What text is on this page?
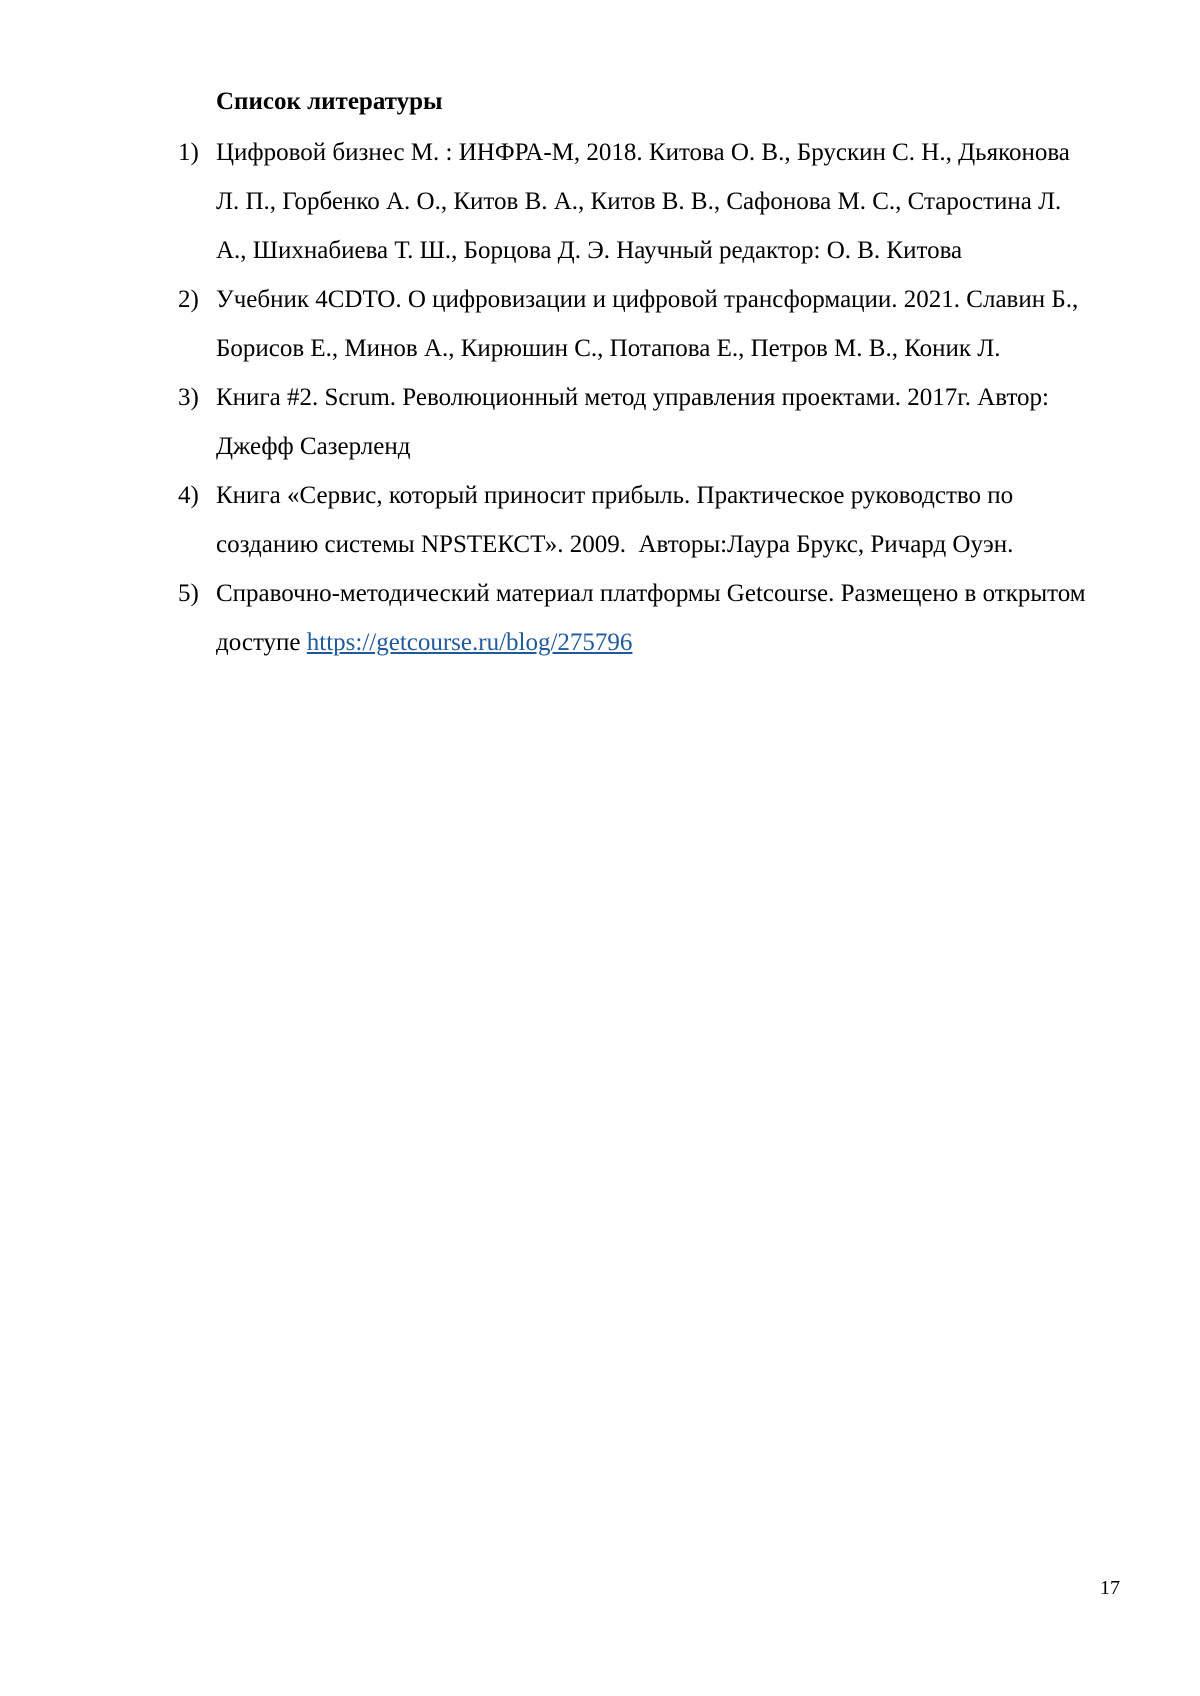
Список литературы
1) Цифровой бизнес М. : ИНФРА-М, 2018. Китова О. В., Брускин С. Н., Дьяконова Л. П., Горбенко А. О., Китов В. А., Китов В. В., Сафонова М. С., Старостина Л. А., Шихнабиева Т. Ш., Борцова Д. Э. Научный редактор: О. В. Китова
2) Учебник 4CDTO. О цифровизации и цифровой трансформации. 2021. Славин Б., Борисов Е., Минов А., Кирюшин С., Потапова Е., Петров М. В., Коник Л.
3) Книга #2. Scrum. Революционный метод управления проектами. 2017г. Автор: Джефф Сазерленд
4) Книга «Сервис, который приносит прибыль. Практическое руководство по созданию системы NPSТЕКСТ». 2009.  Авторы:Лаура Брукс, Ричард Оуэн.
5) Справочно-методический материал платформы Getcourse. Размещено в открытом доступе https://getcourse.ru/blog/275796
17
